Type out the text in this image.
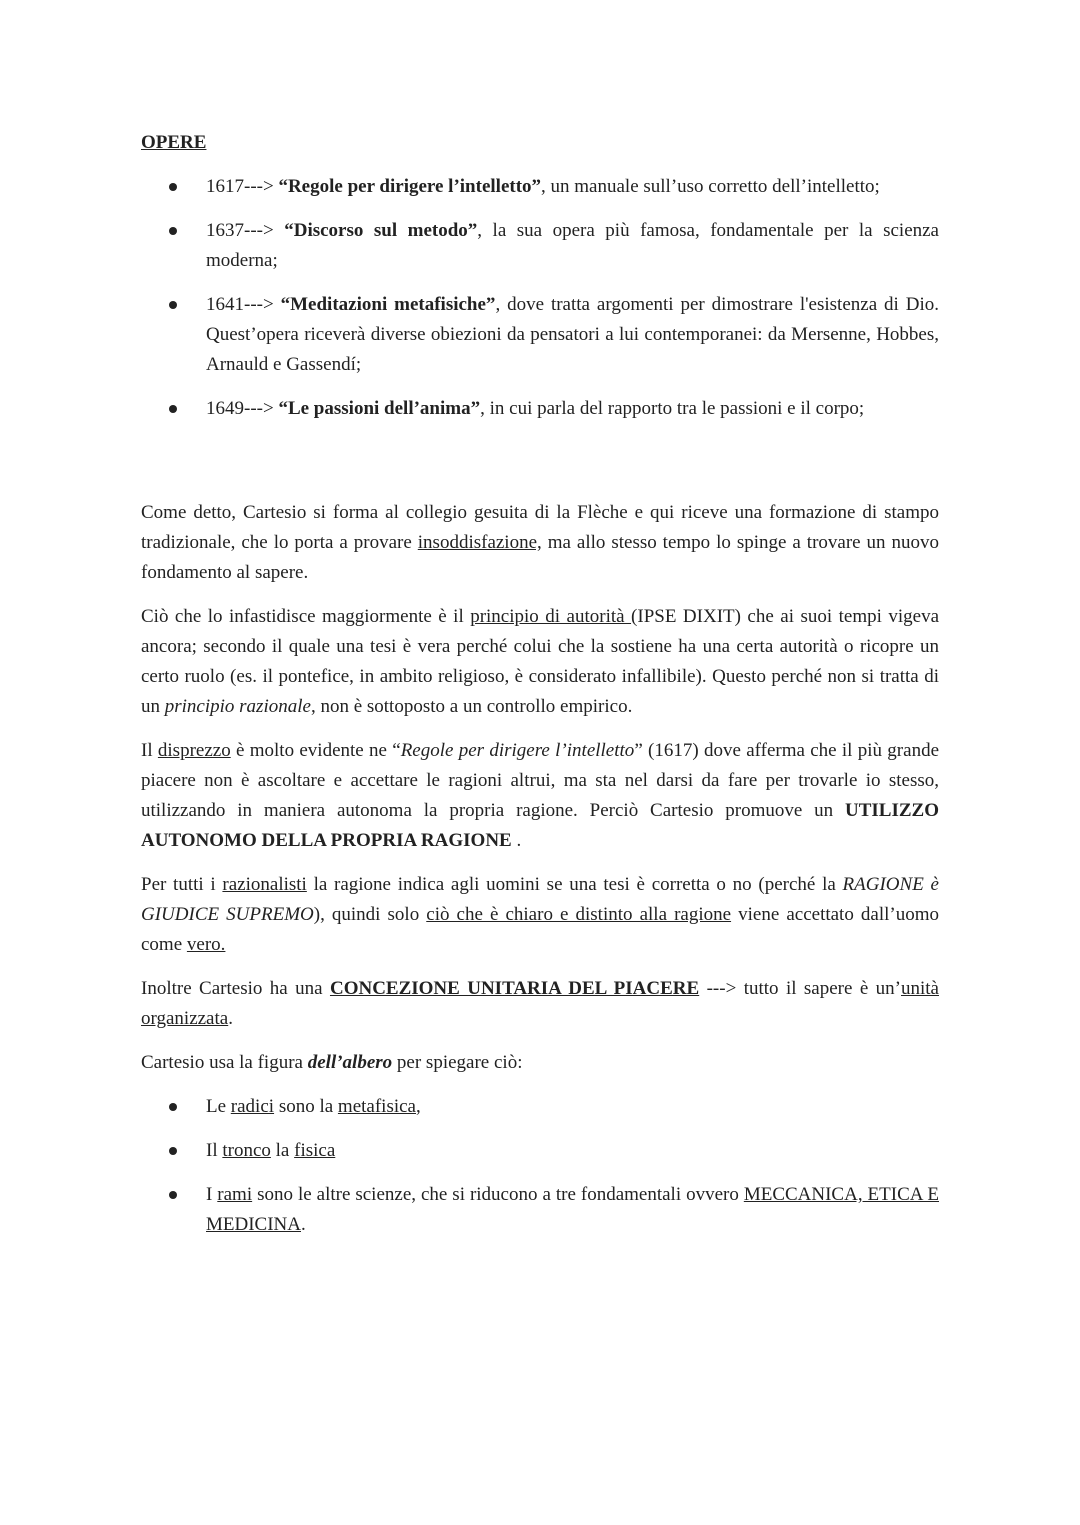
OPERE
1617---> “Regole per dirigere l’intelletto”, un manuale sull’uso corretto dell’intelletto;
1637---> “Discorso sul metodo”, la sua opera più famosa, fondamentale per la scienza moderna;
1641---> “Meditazioni metafisiche”, dove tratta argomenti per dimostrare l'esistenza di Dio. Quest’opera riceverà diverse obiezioni da pensatori a lui contemporanei: da Mersenne, Hobbes, Arnauld e Gassendí;
1649---> “Le passioni dell’anima”, in cui parla del rapporto tra le passioni e il corpo;

Come detto, Cartesio si forma al collegio gesuita di la Flèche e qui riceve una formazione di stampo tradizionale, che lo porta a provare insoddisfazione, ma allo stesso tempo lo spinge a trovare un nuovo fondamento al sapere.

Ciò che lo infastidisce maggiormente è il principio di autorità (IPSE DIXIT) che ai suoi tempi vigeva ancora; secondo il quale una tesi è vera perché colui che la sostiene ha una certa autorità o ricopre un certo ruolo (es. il pontefice, in ambito religioso, è considerato infallibile). Questo perché non si tratta di un principio razionale, non è sottoposto a un controllo empirico.

Il disprezzo è molto evidente ne “Regole per dirigere l’intelletto” (1617) dove afferma che il più grande piacere non è ascoltare e accettare le ragioni altrui, ma sta nel darsi da fare per trovarle io stesso, utilizzando in maniera autonoma la propria ragione. Perciò Cartesio promuove un UTILIZZO AUTONOMO DELLA PROPRIA RAGIONE .

Per tutti i razionalisti la ragione indica agli uomini se una tesi è corretta o no (perché la RAGIONE è GIUDICE SUPREMO), quindi solo ciò che è chiaro e distinto alla ragione viene accettato dall’uomo come vero.

Inoltre Cartesio ha una CONCEZIONE UNITARIA DEL PIACERE ---> tutto il sapere è un’unità organizzata.

Cartesio usa la figura dell’albero per spiegare ciò:

Le radici sono la metafisica,
Il tronco la fisica
I rami sono le altre scienze, che si riducono a tre fondamentali ovvero MECCANICA, ETICA E MEDICINA.
